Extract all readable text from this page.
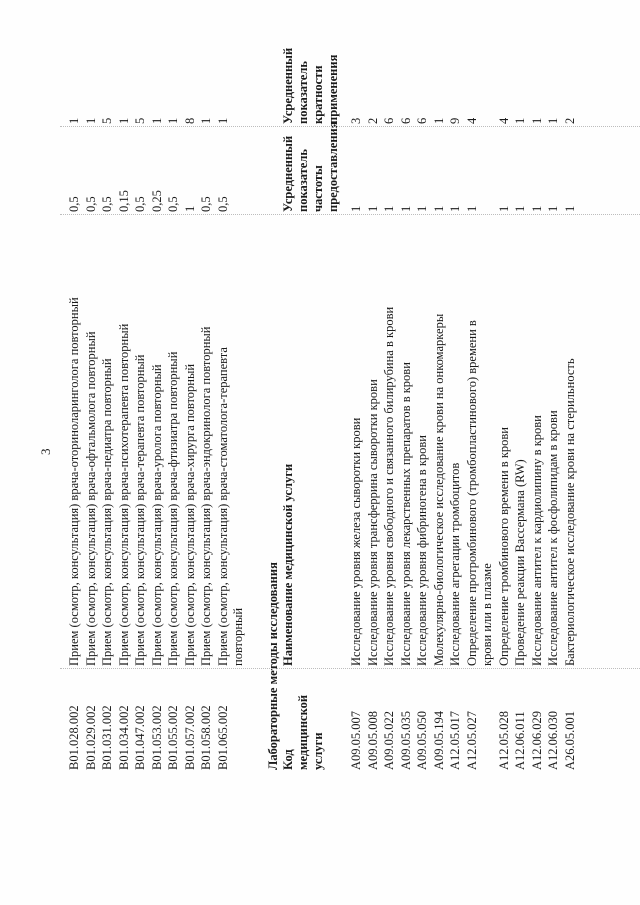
3
B01.028.002
Прием (осмотр, консультация) врача-оториноларинголога повторный
0,5
1
B01.029.002
Прием (осмотр, консультация) врача-офтальмолога повторный
0,5
1
B01.031.002
Прием (осмотр, консультация) врача-педиатра повторный
0,5
5
B01.034.002
Прием (осмотр, консультация) врача-психотерапевта повторный
0,15
1
B01.047.002
Прием (осмотр, консультация) врача-терапевта повторный
0,5
5
B01.053.002
Прием (осмотр, консультация) врача-уролога повторный
0,25
1
B01.055.002
Прием (осмотр, консультация) врача-фтизиатра повторный
0,5
1
B01.057.002
Прием (осмотр, консультация) врача-хирурга повторный
1
8
B01.058.002
Прием (осмотр, консультация) врача-эндокринолога повторный
0,5
1
B01.065.002
Прием (осмотр, консультация) врача-стоматолога-терапевта
0,5
1
повторный Лабораторные методы исследования Код медицинской услуги
Наименование медицинской услуги
Усредненный показатель частоты предоставления
Усредненный показатель кратности применения
A09.05.007
Исследование уровня железа сыворотки крови
1
3
A09.05.008
Исследование уровня трансферрина сыворотки крови
1
2
A09.05.022
Исследование уровня свободного и связанного билирубина в крови
1
6
A09.05.035
Исследование уровня лекарственных препаратов в крови
1
6
A09.05.050
Исследование уровня фибриногена в крови
1
6
A09.05.194
Молекулярно-биологическое исследование крови на онкомаркеры
1
1
A12.05.017
Исследование агрегации тромбоцитов
1
9
A12.05.027
Определение протромбинового (тромбопластинового) времени в
1
4
крови или в плазме
A12.05.028
Определение тромбинового времени в крови
1
4
A12.06.011
Проведение реакции Вассермана (RW)
1
1
A12.06.029
Исследование антител к кардиолипину в крови
1
1
A12.06.030
Исследование антител к фосфолипидам в крови
1
1
A26.05.001
Бактериологическое исследование крови на стерильность
1
2
